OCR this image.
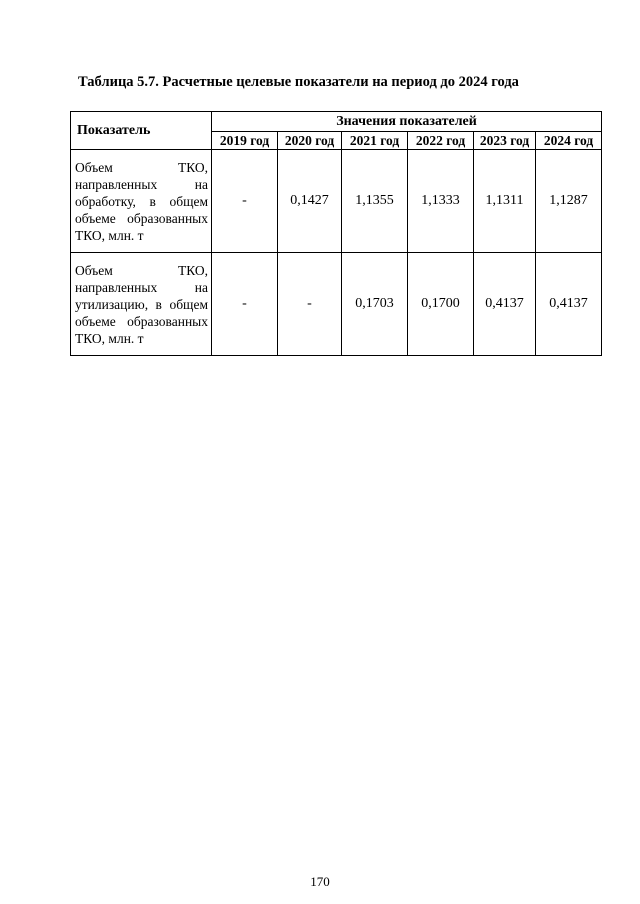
Таблица 5.7. Расчетные целевые показатели на период до 2024 года
Показатель	Значения показателей					
	2019 год	2020 год	2021 год	2022 год	2023 год	2024 год
Объем ТКО, направленных на обработку, в общем объеме образованных ТКО, млн. т	-	0,1427	1,1355	1,1333	1,1311	1,1287
Объем ТКО, направленных на утилизацию, в общем объеме образованных ТКО, млн. т	-	-	0,1703	0,1700	0,4137	0,4137
170
